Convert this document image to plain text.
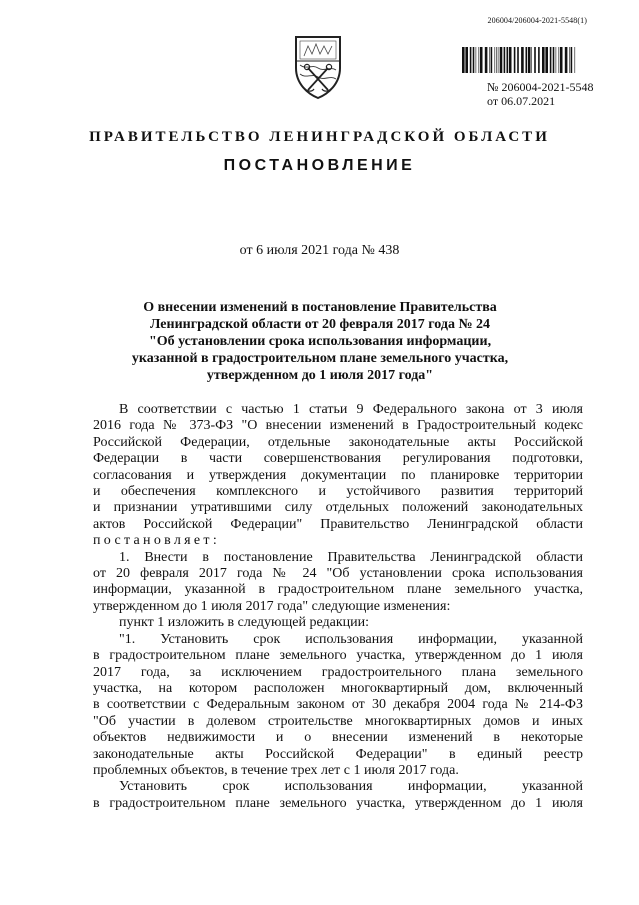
206004/206004-2021-5548(1)
№ 206004-2021-5548
от 06.07.2021
ПРАВИТЕЛЬСТВО ЛЕНИНГРАДСКОЙ ОБЛАСТИ
ПОСТАНОВЛЕНИЕ
от 6 июля 2021 года № 438
О внесении изменений в постановление Правительства
Ленинградской области от 20 февраля 2017 года № 24
"Об установлении срока использования информации,
указанной в градостроительном плане земельного участка,
утвержденном до 1 июля 2017 года"
В соответствии с частью 1 статьи 9 Федерального закона от 3 июля
2016 года № 373-ФЗ "О внесении изменений в Градостроительный кодекс
Российской Федерации, отдельные законодательные акты Российской
Федерации в части совершенствования регулирования подготовки,
согласования и утверждения документации по планировке территории
и обеспечения комплексного и устойчивого развития территорий
и признании утратившими силу отдельных положений законодательных
актов Российской Федерации" Правительство Ленинградской области
постановляет:
1. Внести в постановление Правительства Ленинградской области
от 20 февраля 2017 года № 24 "Об установлении срока использования
информации, указанной в градостроительном плане земельного участка,
утвержденном до 1 июля 2017 года" следующие изменения:
пункт 1 изложить в следующей редакции:
"1. Установить срок использования информации, указанной
в градостроительном плане земельного участка, утвержденном до 1 июля
2017 года, за исключением градостроительного плана земельного
участка, на котором расположен многоквартирный дом, включенный
в соответствии с Федеральным законом от 30 декабря 2004 года № 214-ФЗ
"Об участии в долевом строительстве многоквартирных домов и иных
объектов недвижимости и о внесении изменений в некоторые
законодательные акты Российской Федерации" в единый реестр
проблемных объектов, в течение трех лет с 1 июля 2017 года.
Установить срок использования информации, указанной
в градостроительном плане земельного участка, утвержденном до 1 июля
